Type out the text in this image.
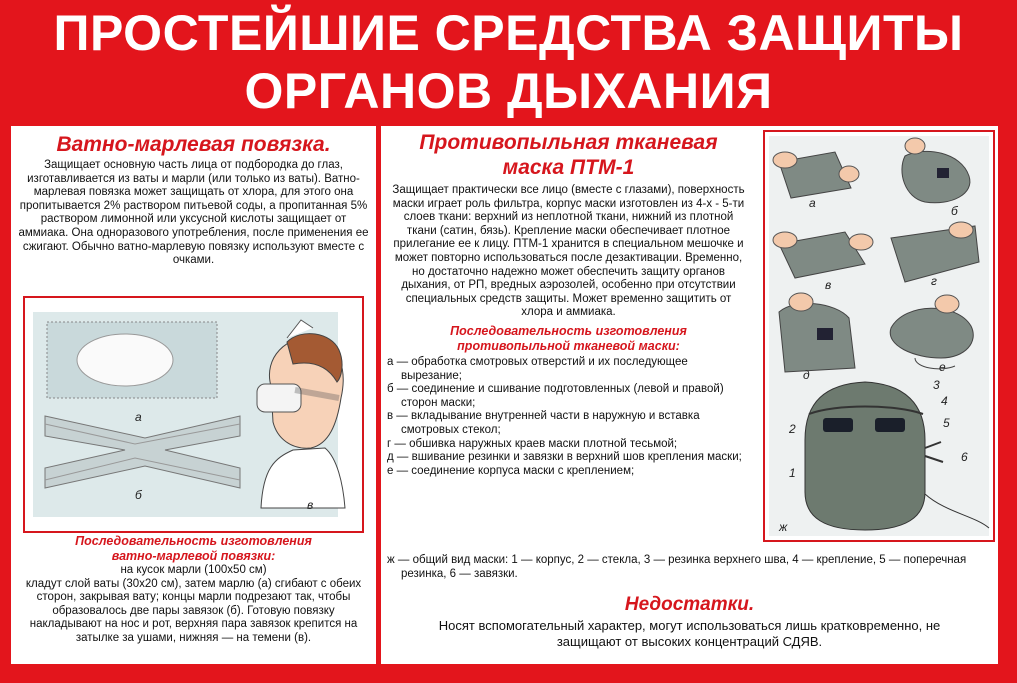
ПРОСТЕЙШИЕ СРЕДСТВА ЗАЩИТЫ
ОРГАНОВ ДЫХАНИЯ
Ватно-марлевая повязка.
Защищает основную часть лица от подбородка до глаз, изготавливается из ваты и марли (или только из ваты). Ватно-марлевая повязка может защищать от хлора, для этого она пропитывается 2% раствором питьевой соды, а пропитанная 5% раствором лимонной или уксусной кислоты защищает от аммиака. Она одноразового употребления, после применения ее сжигают. Обычно ватно-марлевую повязку используют вместе с очками.
а
б
в
Последовательность изготовления
ватно-марлевой повязки:
на кусок марли (100x50 см)
кладут слой ваты (30x20 см), затем марлю (а) сгибают с обеих сторон, закрывая вату; концы марли подрезают так, чтобы образовалось две пары завязок (б). Готовую повязку накладывают на нос и рот, верхняя пара завязок крепится на затылке за ушами, нижняя — на темени (в).
Противопыльная тканевая
маска ПТМ-1
Защищает практически все лицо (вместе с глазами), поверхность маски играет роль фильтра, корпус маски изготовлен из 4-х - 5-ти слоев ткани: верхний из неплотной ткани, нижний из плотной ткани (сатин, бязь). Крепление маски обеспечивает плотное прилегание ее к лицу. ПТМ-1 хранится в специальном мешочке и может повторно использоваться после дезактивации. Временно, но достаточно надежно может обеспечить защиту органов дыхания, от РП, вредных аэрозолей, особенно при отсутствии специальных средств защиты. Может временно защитить от хлора и аммиака.
Последовательность изготовления
противопыльной тканевой маски:
а — обработка смотровых отверстий и их последующее вырезание;
б — соединение и сшивание подготовленных (левой и правой) сторон маски;
в — вкладывание внутренней части в наружную и вставка смотровых стекол;
г — обшивка наружных краев маски плотной тесьмой;
д — вшивание резинки и завязки в верхний шов крепления маски;
е — соединение корпуса маски с креплением;
ж — общий вид маски: 1 — корпус, 2 — стекла, 3 — резинка верхнего шва, 4 — крепление, 5 — поперечная резинка, 6 — завязки.
а
б
в	г
д
е
ж
1
2
3
4
5
6
Недостатки.
Носят вспомогательный характер, могут использоваться лишь кратковременно, не защищают от высоких концентраций СДЯВ.
